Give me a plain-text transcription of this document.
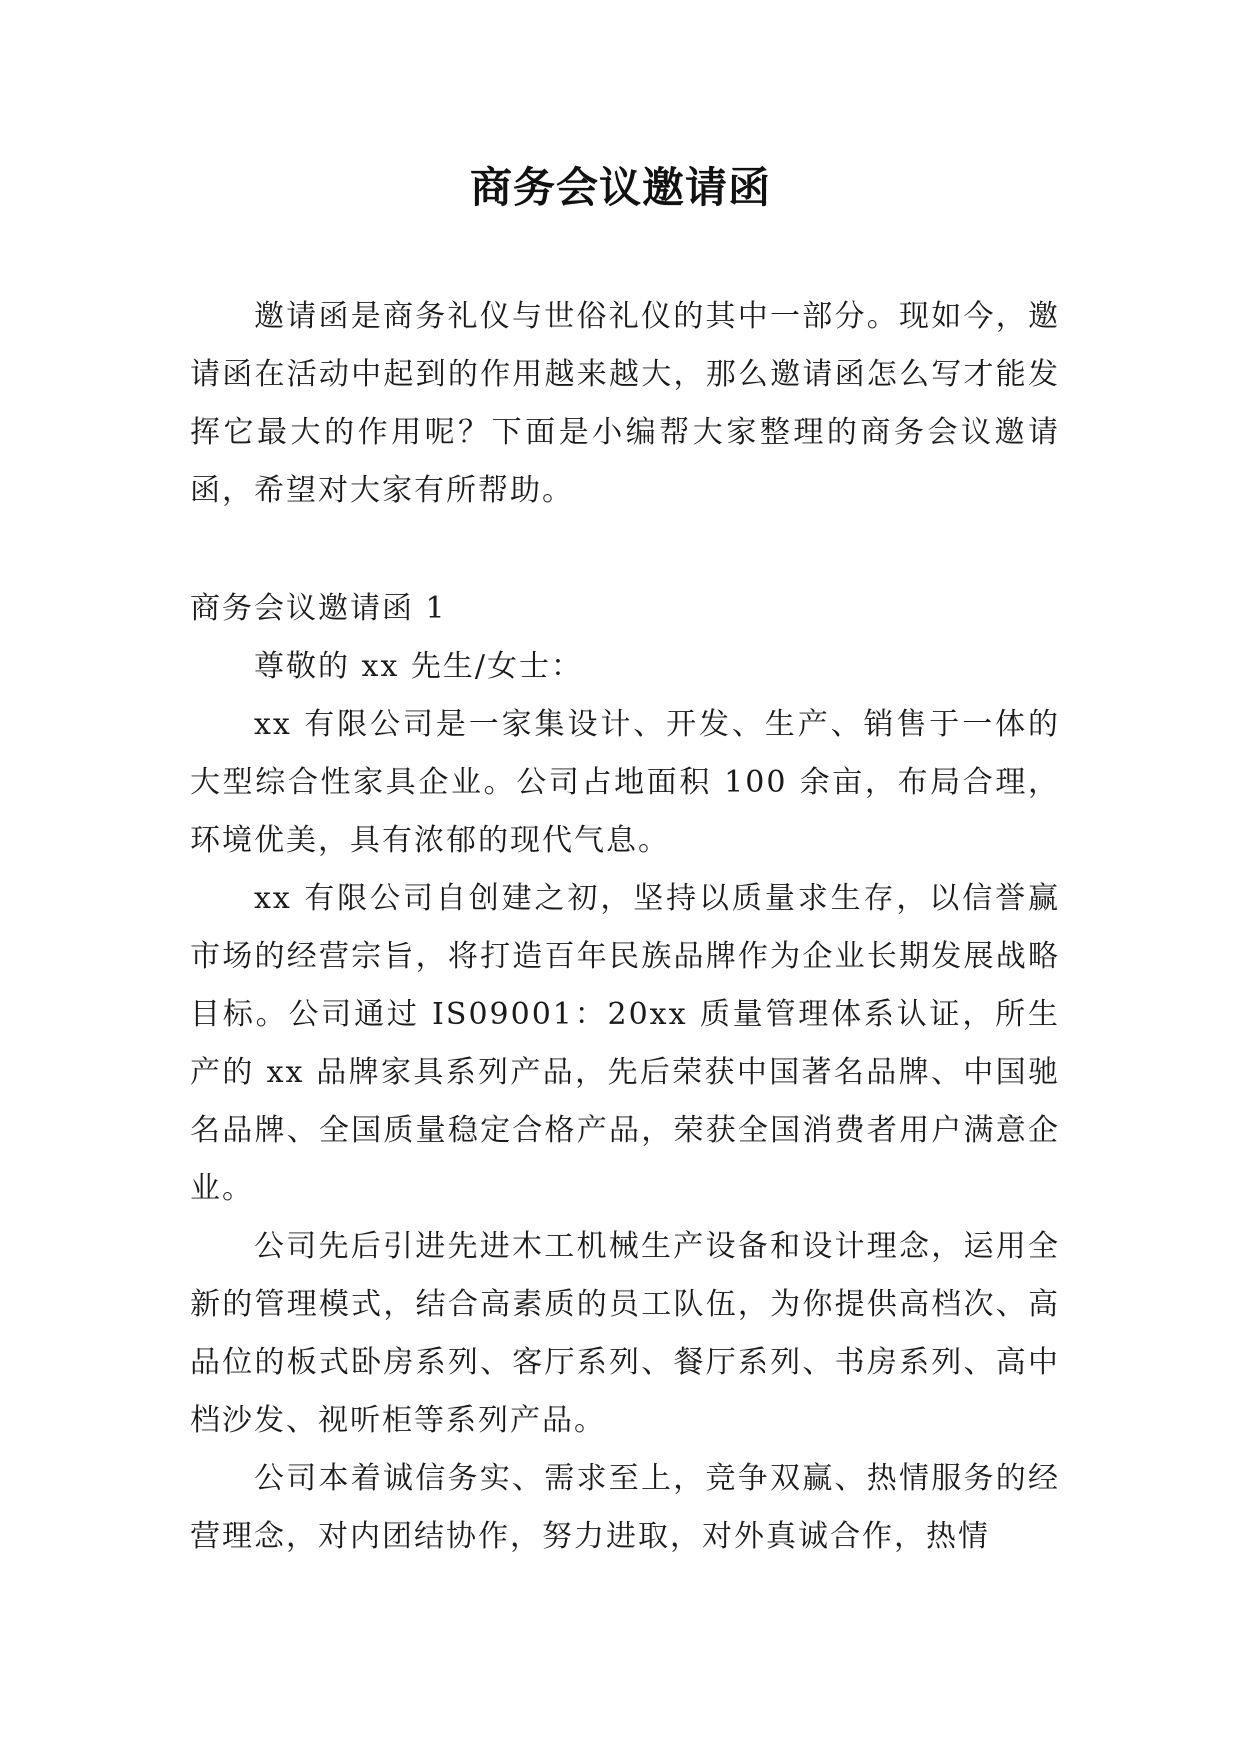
商务会议邀请函

邀请函是商务礼仪与世俗礼仪的其中一部分。现如今，邀请函在活动中起到的作用越来越大，那么邀请函怎么写才能发挥它最大的作用呢？下面是小编帮大家整理的商务会议邀请函，希望对大家有所帮助。

商务会议邀请函 1

尊敬的 xx 先生/女士：

xx 有限公司是一家集设计、开发、生产、销售于一体的大型综合性家具企业。公司占地面积 100 余亩，布局合理，环境优美，具有浓郁的现代气息。

xx 有限公司自创建之初，坚持以质量求生存，以信誉赢市场的经营宗旨，将打造百年民族品牌作为企业长期发展战略目标。公司通过 IS09001：20xx 质量管理体系认证，所生产的 xx 品牌家具系列产品，先后荣获中国著名品牌、中国驰名品牌、全国质量稳定合格产品，荣获全国消费者用户满意企业。

公司先后引进先进木工机械生产设备和设计理念，运用全新的管理模式，结合高素质的员工队伍，为你提供高档次、高品位的板式卧房系列、客厅系列、餐厅系列、书房系列、高中档沙发、视听柜等系列产品。

公司本着诚信务实、需求至上，竞争双赢、热情服务的经营理念，对内团结协作，努力进取，对外真诚合作，热情
